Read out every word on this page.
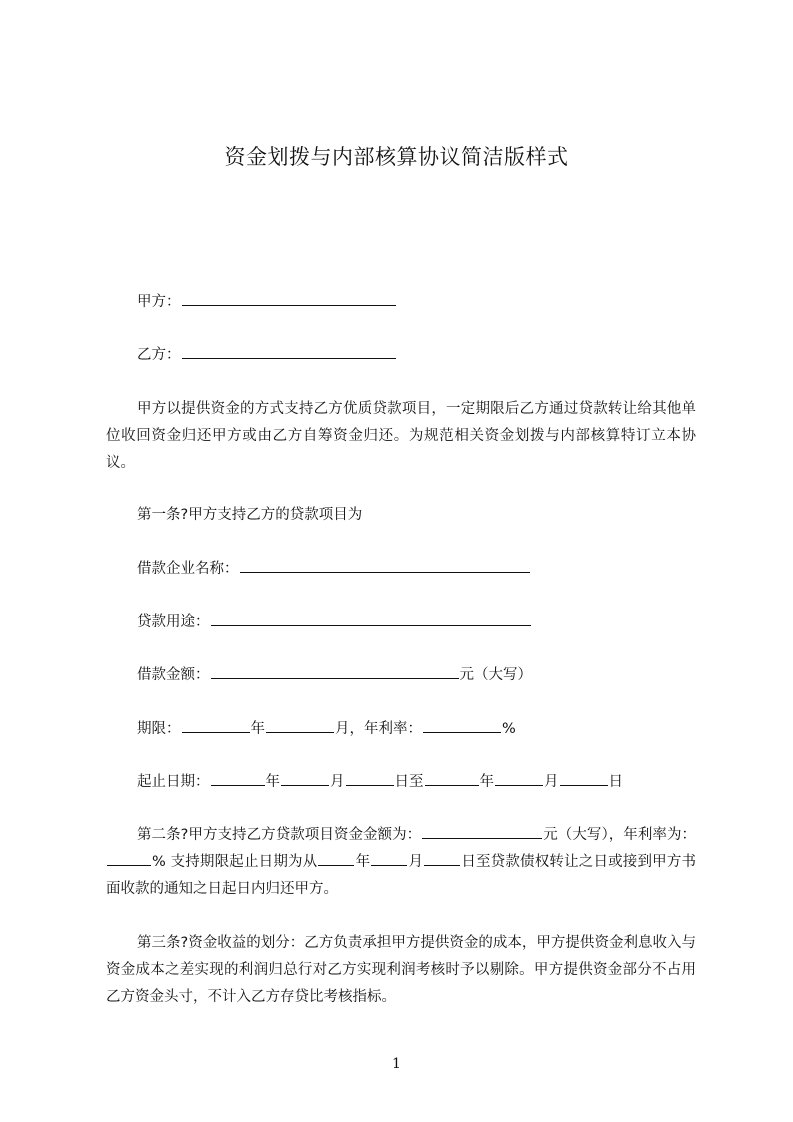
资金划拨与内部核算协议简洁版样式
甲方：
乙方：
甲方以提供资金的方式支持乙方优质贷款项目，一定期限后乙方通过贷款转让给其他单位收回资金归还甲方或由乙方自筹资金归还。为规范相关资金划拨与内部核算特订立本协议。
第一条?甲方支持乙方的贷款项目为
借款企业名称：
贷款用途：
借款金额：	元（大写）
期限：	年	月，年利率：	%
起止日期：	年	月	日至	年	月	日
第二条?甲方支持乙方贷款项目资金金额为：	元（大写），年利率为：% 支持期限起止日期为从	年	月	日至贷款债权转让之日或接到甲方书面收款的通知之日起日内归还甲方。
第三条?资金收益的划分：乙方负责承担甲方提供资金的成本，甲方提供资金利息收入与资金成本之差实现的利润归总行对乙方实现利润考核时予以剔除。甲方提供资金部分不占用乙方资金头寸，不计入乙方存贷比考核指标。
1
